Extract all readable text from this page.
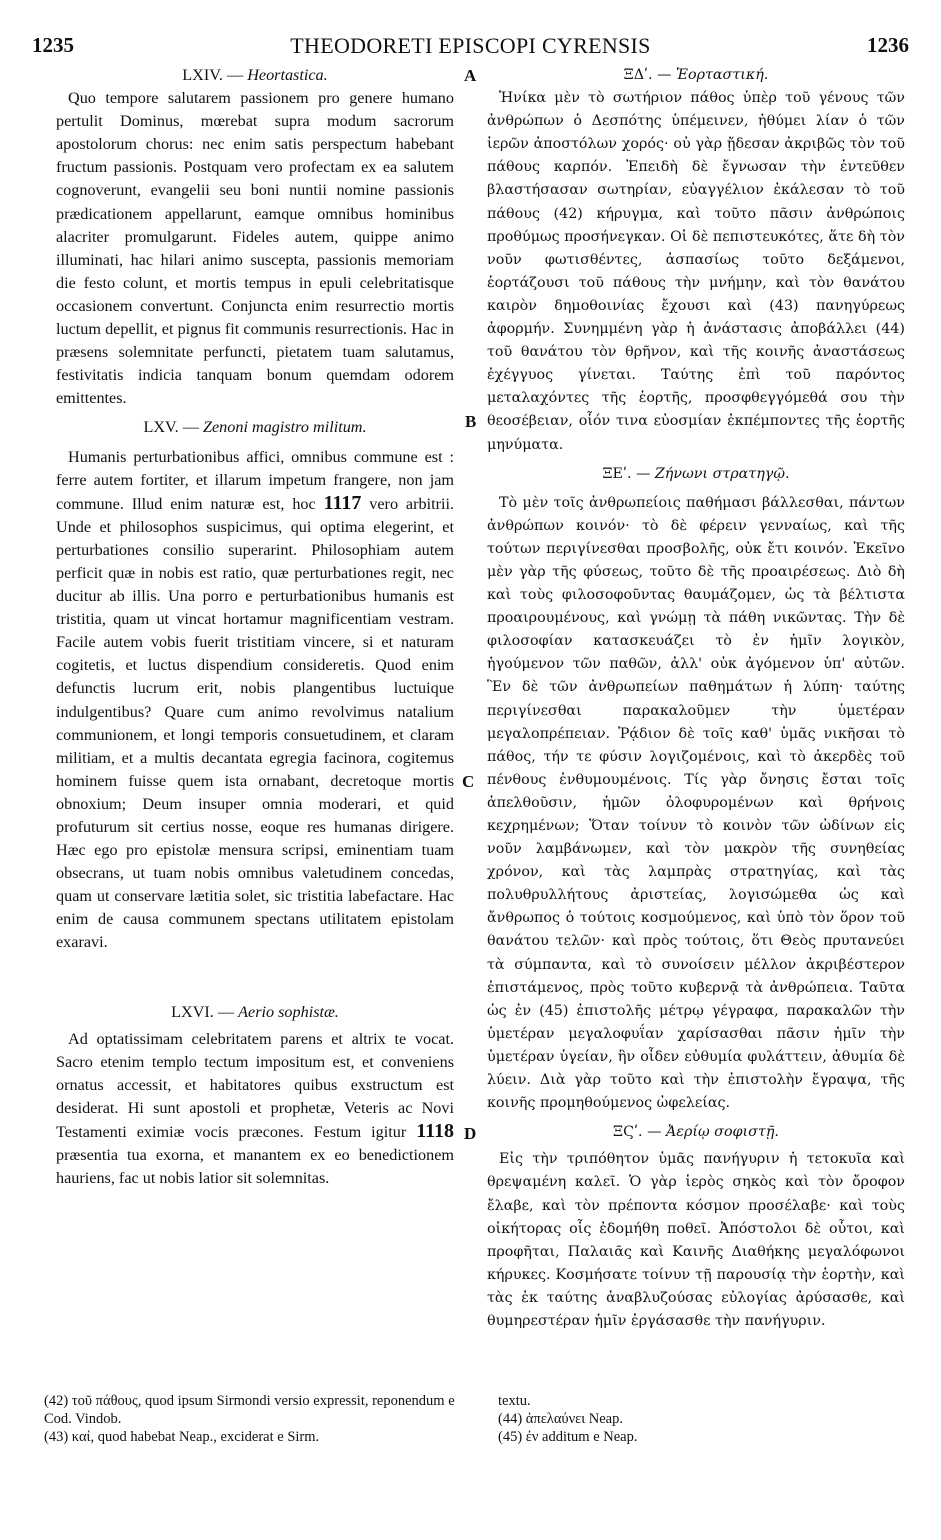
1235	THEODORETI EPISCOPI CYRENSIS	1236
A
B
C
D

LXIV. — Heortastica.

Quo tempore salutarem passionem pro genere humano pertulit Dominus, mœrebat supra modum sacrorum apostolorum chorus: nec enim satis perspectum habebant fructum passionis. Postquam vero profectam ex ea salutem cognoverunt, evangelii seu boni nuntii nomine passionis prædicationem appellarunt, eamque omnibus hominibus alacriter promulgarunt. Fideles autem, quippe animo illuminati, hac hilari animo suscepta, passionis memoriam die festo colunt, et mortis tempus in epuli celebritatisque occasionem convertunt. Conjuncta enim resurrectio mortis luctum depellit, et pignus fit communis resurrectionis. Hac in præsens solemnitate perfuncti, pietatem tuam salutamus, festivitatis indicia tanquam bonum quemdam odorem emittentes.

LXV. — Zenoni magistro militum.

Humanis perturbationibus affici, omnibus commune est : ferre autem fortiter, et illarum impetum frangere, non jam commune. Illud enim naturæ est, hoc 1117 vero arbitrii. Unde et philosophos suspicimus, qui optima elegerint, et perturbationes consilio superarint. Philosophiam autem perficit quæ in nobis est ratio, quæ perturbationes regit, nec ducitur ab illis. Una porro e perturbationibus humanis est tristitia, quam ut vincat hortamur magnificentiam vestram. Facile autem vobis fuerit tristitiam vincere, si et naturam cogitetis, et luctus dispendium consideretis. Quod enim defunctis lucrum erit, nobis plangentibus luctuique indulgentibus? Quare cum animo revolvimus natalium communionem, et longi temporis consuetudinem, et claram militiam, et a multis decantata egregia facinora, cogitemus hominem fuisse quem ista ornabant, decretoque mortis obnoxium; Deum insuper omnia moderari, et quid profuturum sit certius nosse, eoque res humanas dirigere. Hæc ego pro epistolæ mensura scripsi, eminentiam tuam obsecrans, ut tuam nobis omnibus valetudinem concedas, quam ut conservare lætitia solet, sic tristitia labefactare. Hac enim de causa communem spectans utilitatem epistolam exaravi.

LXVI. — Aerio sophistæ.

Ad optatissimam celebritatem parens et altrix te vocat. Sacro etenim templo tectum impositum est, et conveniens ornatus accessit, et habitatores quibus exstructum est desiderat. Hi sunt apostoli et prophetæ, Veteris ac Novi Testamenti eximiæ vocis præcones. Festum igitur 1118 præsentia tua exorna, et manantem ex eo benedictionem hauriens, fac ut nobis latior sit solemnitas.

ΞΔʹ. — Ἑορταστική.

Ἡνίκα μὲν τὸ σωτήριον πάθος ὑπὲρ τοῦ γένους τῶν ἀνθρώπων ὁ Δεσπότης ὑπέμεινεν, ἠθύμει λίαν ὁ τῶν ἱερῶν ἀποστόλων χορός· οὐ γὰρ ᾔδεσαν ἀκριβῶς τὸν τοῦ πάθους καρπόν. Ἐπειδὴ δὲ ἔγνωσαν τὴν ἐντεῦθεν βλαστήσασαν σωτηρίαν, εὐαγγέλιον ἐκάλεσαν τὸ τοῦ πάθους (42) κήρυγμα, καὶ τοῦτο πᾶσιν ἀνθρώποις προθύμως προσήνεγκαν. Οἱ δὲ πεπιστευκότες, ἅτε δὴ τὸν νοῦν φωτισθέντες, ἀσπασίως τοῦτο δεξάμενοι, ἑορτάζουσι τοῦ πάθους τὴν μνήμην, καὶ τὸν θανάτου καιρὸν δημοθοινίας ἔχουσι καὶ (43) πανηγύρεως ἀφορμήν. Συνημμένη γὰρ ἡ ἀνάστασις ἀποβάλλει (44) τοῦ θανάτου τὸν θρῆνον, καὶ τῆς κοινῆς ἀναστάσεως ἐχέγγυος γίνεται. Ταύτης ἐπὶ τοῦ παρόντος μεταλαχόντες τῆς ἑορτῆς, προσφθεγγόμεθά σου τὴν θεοσέβειαν, οἷόν τινα εὐοσμίαν ἐκπέμποντες τῆς ἑορτῆς μηνύματα.

ΞΕʹ. — Ζήνωνι στρατηγῷ.

Τὸ μὲν τοῖς ἀνθρωπείοις παθήμασι βάλλεσθαι, πάντων ἀνθρώπων κοινόν· τὸ δὲ φέρειν γενναίως, καὶ τῆς τούτων περιγίνεσθαι προσβολῆς, οὐκ ἔτι κοινόν. Ἐκεῖνο μὲν γὰρ τῆς φύσεως, τοῦτο δὲ τῆς προαιρέσεως. Διὸ δὴ καὶ τοὺς φιλοσοφοῦντας θαυμάζομεν, ὡς τὰ βέλτιστα προαιρουμένους, καὶ γνώμῃ τὰ πάθη νικῶντας. Τὴν δὲ φιλοσοφίαν κατασκευάζει τὸ ἐν ἡμῖν λογικὸν, ἡγούμενον τῶν παθῶν, ἀλλ' οὐκ ἀγόμενον ὑπ' αὐτῶν. Ἓν δὲ τῶν ἀνθρωπείων παθημάτων ἡ λύπη· ταύτης περιγίνεσθαι παρακαλοῦμεν τὴν ὑμετέραν μεγαλοπρέπειαν. Ῥᾴδιον δὲ τοῖς καθ' ὑμᾶς νικῆσαι τὸ πάθος, τήν τε φύσιν λογιζομένοις, καὶ τὸ ἀκερδὲς τοῦ πένθους ἐνθυμουμένοις. Τίς γὰρ ὄνησις ἔσται τοῖς ἀπελθοῦσιν, ἡμῶν ὀλοφυρομένων καὶ θρήνοις κεχρημένων; Ὅταν τοίνυν τὸ κοινὸν τῶν ὠδίνων εἰς νοῦν λαμβάνωμεν, καὶ τὸν μακρὸν τῆς συνηθείας χρόνον, καὶ τὰς λαμπρὰς στρατηγίας, καὶ τὰς πολυθρυλλήτους ἀριστείας, λογισώμεθα ὡς καὶ ἄνθρωπος ὁ τούτοις κοσμούμενος, καὶ ὑπὸ τὸν ὅρον τοῦ θανάτου τελῶν· καὶ πρὸς τούτοις, ὅτι Θεὸς πρυτανεύει τὰ σύμπαντα, καὶ τὸ συνοίσειν μέλλον ἀκριβέστερον ἐπιστάμενος, πρὸς τοῦτο κυβερνᾷ τὰ ἀνθρώπεια. Ταῦτα ὡς ἐν (45) ἐπιστολῆς μέτρῳ γέγραφα, παρακαλῶν τὴν ὑμετέραν μεγαλοφυΐαν χαρίσασθαι πᾶσιν ἡμῖν τὴν ὑμετέραν ὑγείαν, ἣν οἶδεν εὐθυμία φυλάττειν, ἀθυμία δὲ λύειν. Διὰ γὰρ τοῦτο καὶ τὴν ἐπιστολὴν ἔγραψα, τῆς κοινῆς προμηθούμενος ὠφελείας.

ΞϚʹ. — Ἀερίῳ σοφιστῇ.

Εἰς τὴν τριπόθητον ὑμᾶς πανήγυριν ἡ τετοκυῖα καὶ θρεψαμένη καλεῖ. Ὁ γὰρ ἱερὸς σηκὸς καὶ τὸν ὄροφον ἔλαβε, καὶ τὸν πρέποντα κόσμον προσέλαβε· καὶ τοὺς οἰκήτορας οἷς ἐδομήθη ποθεῖ. Ἀπόστολοι δὲ οὗτοι, καὶ προφῆται, Παλαιᾶς καὶ Καινῆς Διαθήκης μεγαλόφωνοι κήρυκες. Κοσμήσατε τοίνυν τῇ παρουσίᾳ τὴν ἑορτὴν, καὶ τὰς ἐκ ταύτης ἀναβλυζούσας εὐλογίας ἀρύσασθε, καὶ θυμηρεστέραν ἡμῖν ἐργάσασθε τὴν πανήγυριν.

(42) τοῦ πάθους, quod ipsum Sirmondi versio expressit, reponendum e Cod. Vindob.
(43) καί, quod habebat Neap., exciderat e Sirm.
textu.
(44) ἀπελαύνει Neap.
(45) ἐν additum e Neap.
